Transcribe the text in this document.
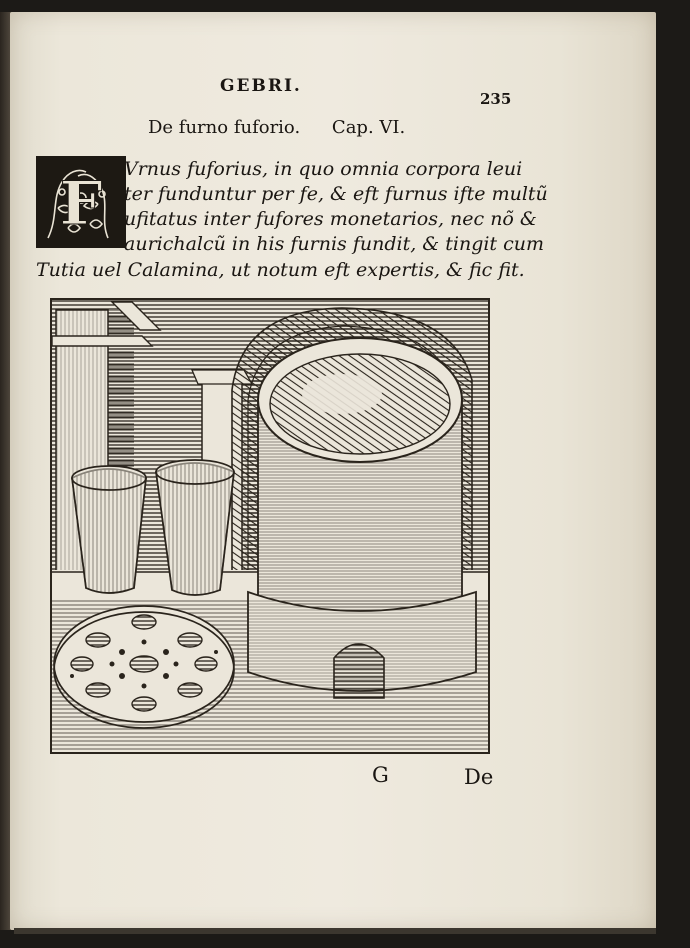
GEBRI.
235
De furno fuforio. Cap. VI.
F Vrnus fuforius, in quo omnia corpora leui
ter funduntur per fe, & eft furnus ifte multũ
ufitatus inter fufores monetarios, nec nõ &
aurichalcũ in his furnis fundit, & tingit cum
Tutia uel Calamina, ut notum eft expertis, & fic fit.
G	De
